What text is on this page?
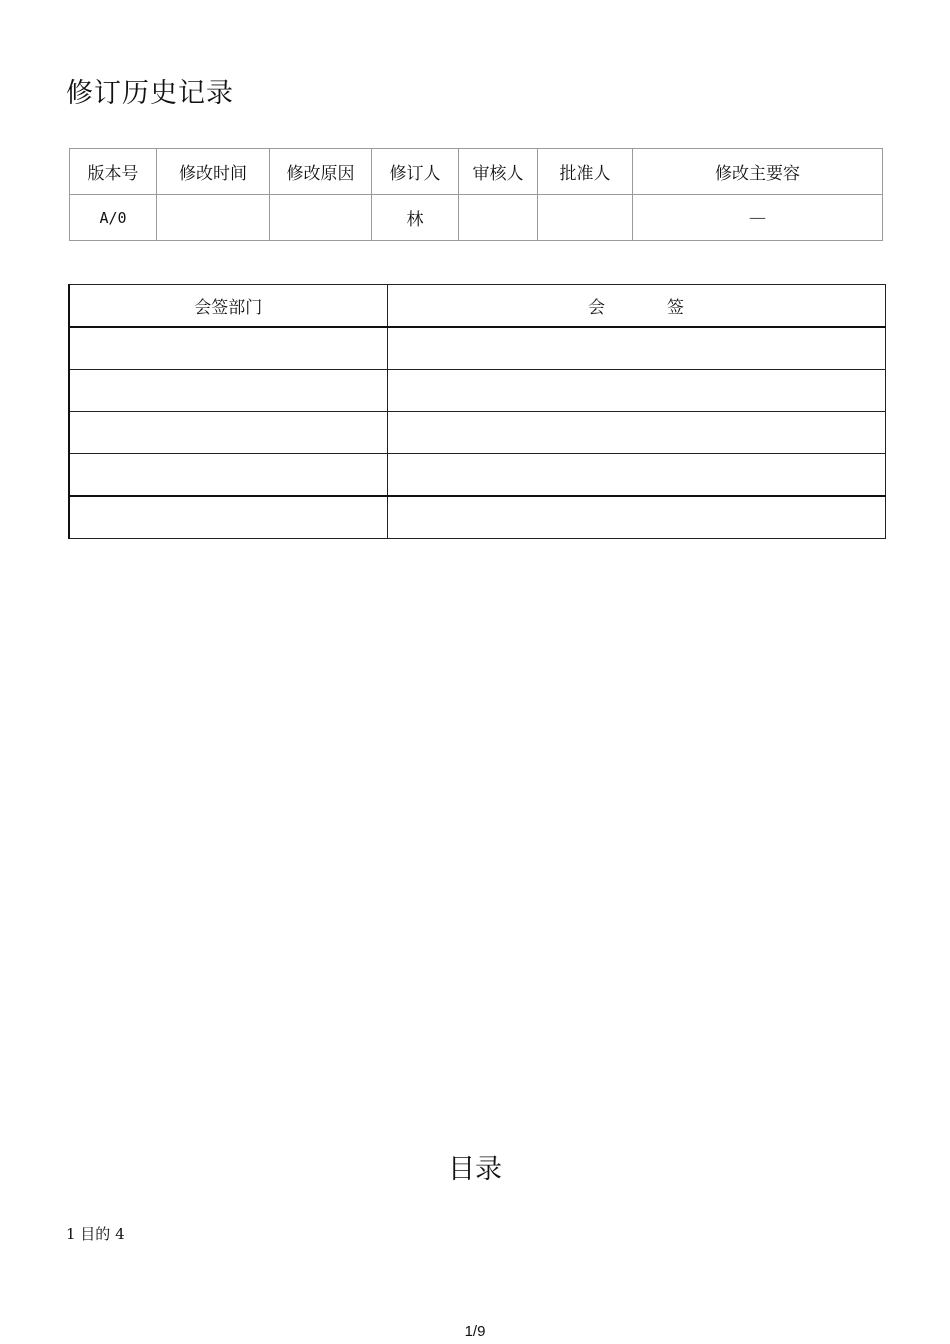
修订历史记录
版本号	修改时间	修改原因	修订人	审核人	批准人	修改主要容
A/0			林			—
会签部门	会 签

目录
1 目的 4
1/9
